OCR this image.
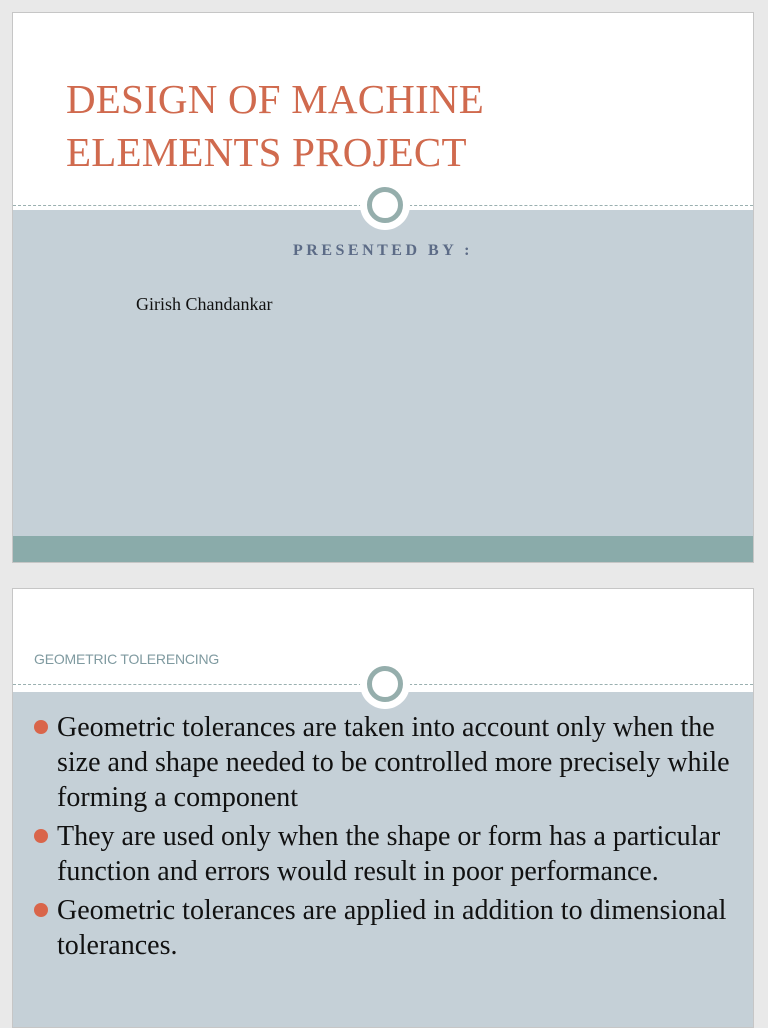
DESIGN OF MACHINE
ELEMENTS PROJECT
PRESENTED BY :
Girish Chandankar
GEOMETRIC TOLERENCING
Geometric tolerances are taken into account only when the size and shape needed to be controlled more precisely while forming a component
They are used only when the shape or form has a particular function and errors would result in poor performance.
Geometric tolerances are applied in addition to dimensional tolerances.
